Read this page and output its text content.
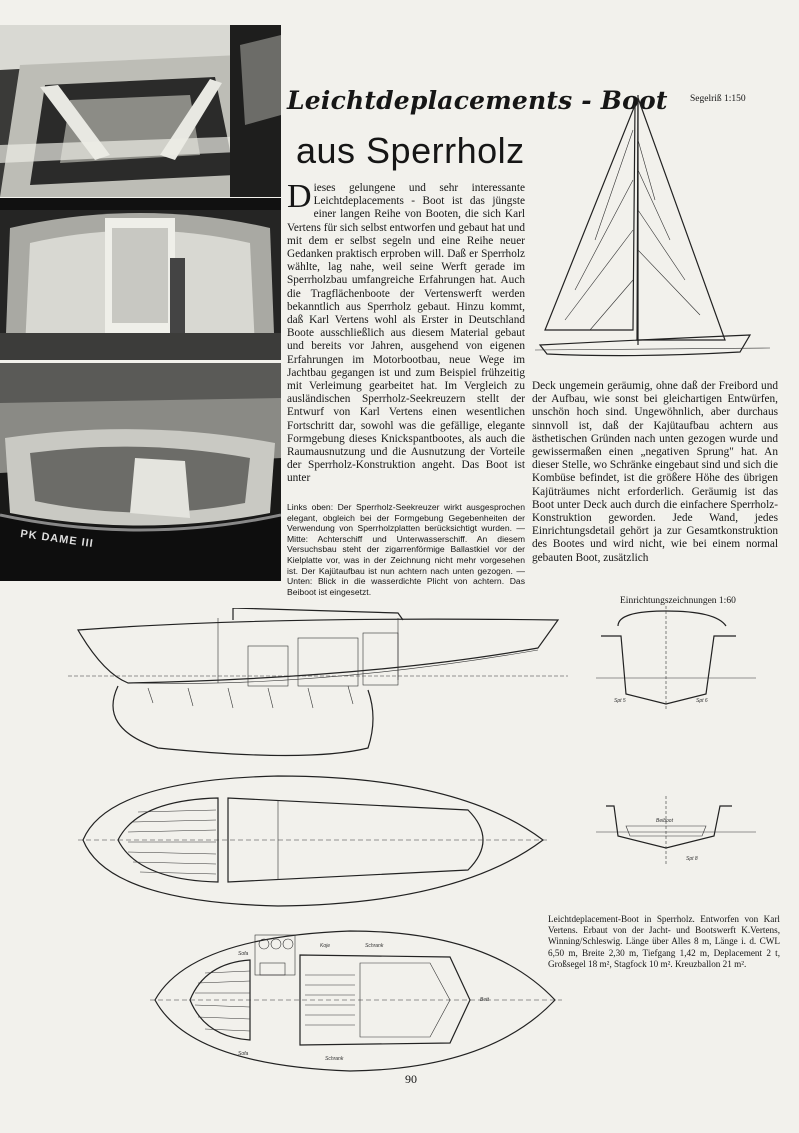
PK DAME III
Leichtdeplacements - Boot
aus Sperrholz

Dieses gelungene und sehr interessante Leichtdeplacements - Boot ist das jüngste einer langen Reihe von Booten, die sich Karl Vertens für sich selbst entworfen und gebaut hat und mit dem er selbst segeln und eine Reihe neuer Gedanken praktisch erproben will. Daß er Sperrholz wählte, lag nahe, weil seine Werft gerade im Sperrholzbau umfangreiche Erfahrungen hat. Auch die Tragflächenboote der Vertenswerft werden bekanntlich aus Sperrholz gebaut. Hinzu kommt, daß Karl Vertens wohl als Erster in Deutschland Boote ausschließlich aus diesem Material gebaut und bereits vor Jahren, ausgehend von eigenen Erfahrungen im Motorbootbau, neue Wege im Jachtbau gegangen ist und zum Beispiel frühzeitig mit Verleimung gearbeitet hat. Im Vergleich zu ausländischen Sperrholz-Seekreuzern stellt der Entwurf von Karl Vertens einen wesentlichen Fortschritt dar, sowohl was die gefällige, elegante Formgebung dieses Knickspantbootes, als auch die Raumausnutzung und die Ausnutzung der Vorteile der Sperrholz-Konstruktion angeht. Das Boot ist unter

Links oben: Der Sperrholz-Seekreuzer wirkt ausgesprochen elegant, obgleich bei der Formgebung Gegebenheiten der Verwendung von Sperrholzplatten berücksichtigt wurden. — Mitte: Achterschiff und Unterwasserschiff. An diesem Versuchsbau steht der zigarrenförmige Ballastkiel vor der Kielplatte vor, was in der Zeichnung nicht mehr vorgesehen ist. Der Kajütaufbau ist nun achtern nach unten gezogen. — Unten: Blick in die wasserdichte Plicht von achtern. Das Beiboot ist eingesetzt.
Deck ungemein geräumig, ohne daß der Freibord und der Aufbau, wie sonst bei gleichartigen Entwürfen, unschön hoch sind. Ungewöhnlich, aber durchaus sinnvoll ist, daß der Kajütaufbau achtern aus ästhetischen Gründen nach unten gezogen wurde und gewissermaßen einen „negativen Sprung" hat. An dieser Stelle, wo Schränke eingebaut sind und sich die Kombüse befindet, ist die größere Höhe des übrigen Kajüträumes nicht erforderlich. Geräumig ist das Boot unter Deck auch durch die einfachere Sperrholz-Konstruktion geworden. Jede Wand, jedes Einrichtungsdetail gehört ja zur Gesamtkonstruktion des Bootes und wird nicht, wie bei einem normal gebauten Boot, zusätzlich
Segelriß 1:150
Einrichtungszeichnungen 1:60
Spt 5	Spt 6
Beiboot
Spt 8
Schrank
Schrank
Bett
Sofa
Sofa
Koje
Leichtdeplacement-Boot in Sperrholz. Entworfen von Karl Vertens. Erbaut von der Jacht- und Bootswerft K.Vertens, Winning/Schleswig. Länge über Alles 8 m, Länge i. d. CWL 6,50 m, Breite 2,30 m, Tiefgang 1,42 m, Deplacement 2 t, Großsegel 18 m², Stagfock 10 m². Kreuzballon 21 m².
90
